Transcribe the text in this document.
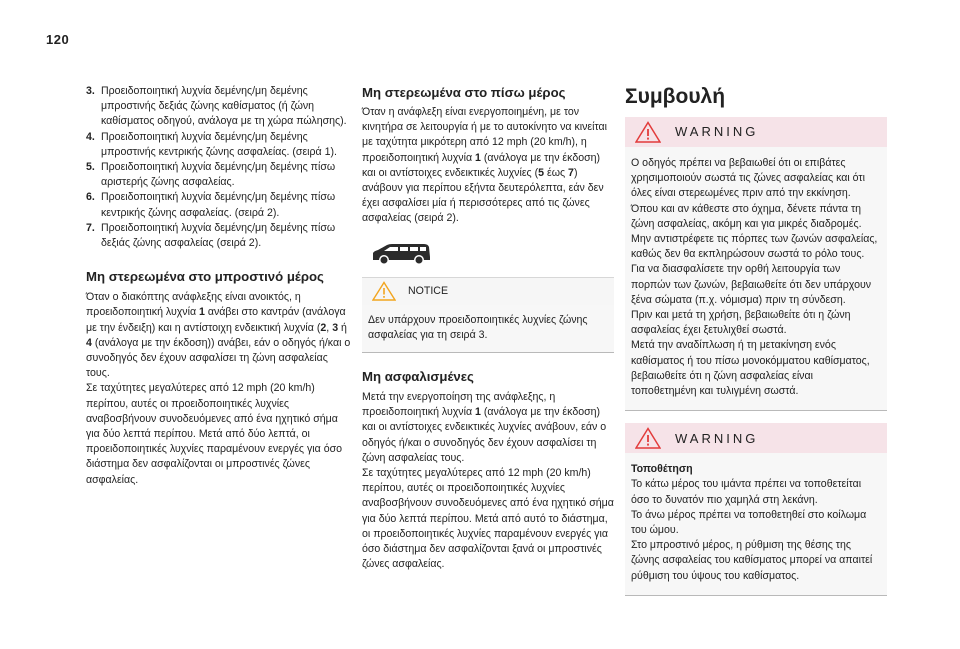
120
3. Προειδοποιητική λυχνία δεμένης/μη δεμένης μπροστινής δεξιάς ζώνης καθίσματος (ή ζώνη καθίσματος οδηγού, ανάλογα με τη χώρα πώλησης).
4. Προειδοποιητική λυχνία δεμένης/μη δεμένης μπροστινής κεντρικής ζώνης ασφαλείας. (σειρά 1).
5. Προειδοποιητική λυχνία δεμένης/μη δεμένης πίσω αριστερής ζώνης ασφαλείας.
6. Προειδοποιητική λυχνία δεμένης/μη δεμένης πίσω κεντρικής ζώνης ασφαλείας. (σειρά 2).
7. Προειδοποιητική λυχνία δεμένης/μη δεμένης πίσω δεξιάς ζώνης ασφαλείας (σειρά 2).
Μη στερεωμένα στο μπροστινό μέρος

Όταν ο διακόπτης ανάφλεξης είναι ανοικτός, η προειδοποιητική λυχνία 1 ανάβει στο καντράν (ανάλογα με την ένδειξη) και η αντίστοιχη ενδεικτική λυχνία (2, 3 ή 4 (ανάλογα με την έκδοση)) ανάβει, εάν ο οδηγός ή/και ο συνοδηγός δεν έχουν ασφαλίσει τη ζώνη ασφαλείας τους.

Σε ταχύτητες μεγαλύτερες από 12 mph (20 km/h) περίπου, αυτές οι προειδοποιητικές λυχνίες αναβοσβήνουν συνοδευόμενες από ένα ηχητικό σήμα για δύο λεπτά περίπου. Μετά από δύο λεπτά, οι προειδοποιητικές λυχνίες παραμένουν ενεργές για όσο διάστημα δεν ασφαλίζονται οι μπροστινές ζώνες ασφαλείας.

Μη στερεωμένα στο πίσω μέρος

Όταν η ανάφλεξη είναι ενεργοποιημένη, με τον κινητήρα σε λειτουργία ή με το αυτοκίνητο να κινείται με ταχύτητα μικρότερη από 12 mph (20 km/h), η προειδοποιητική λυχνία 1 (ανάλογα με την έκδοση) και οι αντίστοιχες ενδεικτικές λυχνίες (5 έως 7) ανάβουν για περίπου εξήντα δευτερόλεπτα, εάν δεν έχει ασφαλίσει μία ή περισσότερες από τις ζώνες ασφαλείας (σειρά 2).

NOTICE

Δεν υπάρχουν προειδοποιητικές λυχνίες ζώνης ασφαλείας για τη σειρά 3.

Μη ασφαλισμένες

Μετά την ενεργοποίηση της ανάφλεξης, η προειδοποιητική λυχνία 1 (ανάλογα με την έκδοση) και οι αντίστοιχες ενδεικτικές λυχνίες ανάβουν, εάν ο οδηγός ή/και ο συνοδηγός δεν έχουν ασφαλίσει τη ζώνη ασφαλείας τους.

Σε ταχύτητες μεγαλύτερες από 12 mph (20 km/h) περίπου, αυτές οι προειδοποιητικές λυχνίες αναβοσβήνουν συνοδευόμενες από ένα ηχητικό σήμα για δύο λεπτά περίπου. Μετά από αυτό το διάστημα, οι προειδοποιητικές λυχνίες παραμένουν ενεργές για όσο διάστημα δεν ασφαλίζονται ξανά οι μπροστινές ζώνες ασφαλείας.

Συμβουλή
WARNING

Ο οδηγός πρέπει να βεβαιωθεί ότι οι επιβάτες χρησιμοποιούν σωστά τις ζώνες ασφαλείας και ότι όλες είναι στερεωμένες πριν από την εκκίνηση.
Όπου και αν κάθεστε στο όχημα, δένετε πάντα τη ζώνη ασφαλείας, ακόμη και για μικρές διαδρομές.
Μην αντιστρέφετε τις πόρπες των ζωνών ασφαλείας, καθώς δεν θα εκπληρώσουν σωστά το ρόλο τους.
Για να διασφαλίσετε την ορθή λειτουργία των πορπών των ζωνών, βεβαιωθείτε ότι δεν υπάρχουν ξένα σώματα (π.χ. νόμισμα) πριν τη σύνδεση.
Πριν και μετά τη χρήση, βεβαιωθείτε ότι η ζώνη ασφαλείας έχει ξετυλιχθεί σωστά.
Μετά την αναδίπλωση ή τη μετακίνηση ενός καθίσματος ή του πίσω μονοκόμματου καθίσματος, βεβαιωθείτε ότι η ζώνη ασφαλείας είναι τοποθετημένη και τυλιγμένη σωστά.

WARNING

Τοποθέτηση

Το κάτω μέρος του ιμάντα πρέπει να τοποθετείται όσο το δυνατόν πιο χαμηλά στη λεκάνη.
Το άνω μέρος πρέπει να τοποθετηθεί στο κοίλωμα του ώμου.
Στο μπροστινό μέρος, η ρύθμιση της θέσης της ζώνης ασφαλείας του καθίσματος μπορεί να απαιτεί ρύθμιση του ύψους του καθίσματος.
